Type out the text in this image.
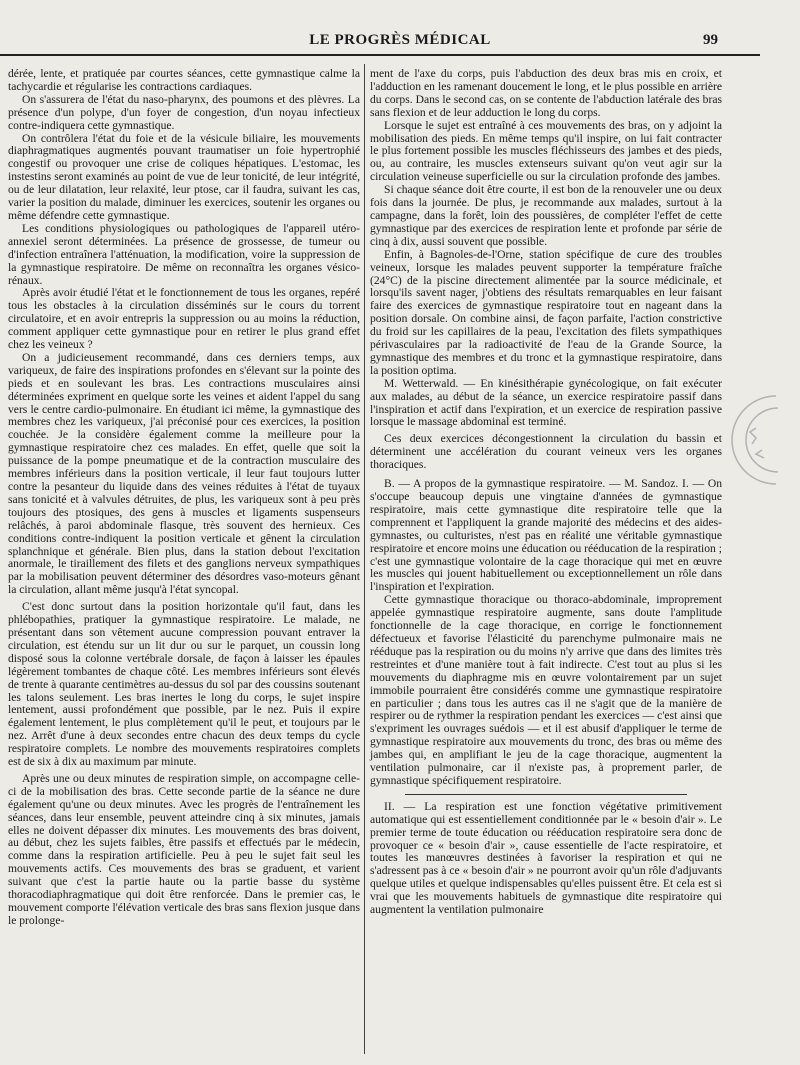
LE PROGRÈS MÉDICAL	99

dérée, lente, et pratiquée par courtes séances, cette gymnastique calme la tachycardie et régularise les contractions cardiaques.

On s'assurera de l'état du naso-pharynx, des poumons et des plèvres. La présence d'un polype, d'un foyer de congestion, d'un noyau infectieux contre-indiquera cette gymnastique.

On contrôlera l'état du foie et de la vésicule biliaire, les mouvements diaphragmatiques augmentés pouvant traumatiser un foie hypertrophié congestif ou provoquer une crise de coliques hépatiques. L'estomac, les instestins seront examinés au point de vue de leur tonicité, de leur intégrité, ou de leur dilatation, leur relaxité, leur ptose, car il faudra, suivant les cas, varier la position du malade, diminuer les exercices, soutenir les organes ou même défendre cette gymnastique.

Les conditions physiologiques ou pathologiques de l'appareil utéro-annexiel seront déterminées. La présence de grossesse, de tumeur ou d'infection entraînera l'atténuation, la modification, voire la suppression de la gymnastique respiratoire. De même on reconnaîtra les organes vésico-rénaux.

Après avoir étudié l'état et le fonctionnement de tous les organes, repéré tous les obstacles à la circulation disséminés sur le cours du torrent circulatoire, et en avoir entrepris la suppression ou au moins la réduction, comment appliquer cette gymnastique pour en retirer le plus grand effet chez les veineux ?

On a judicieusement recommandé, dans ces derniers temps, aux variqueux, de faire des inspirations profondes en s'élevant sur la pointe des pieds et en soulevant les bras. Les contractions musculaires ainsi déterminées expriment en quelque sorte les veines et aident l'appel du sang vers le centre cardio-pulmonaire. En étudiant ici même, la gymnastique des membres chez les variqueux, j'ai préconisé pour ces exercices, la position couchée. Je la considère également comme la meilleure pour la gymnastique respiratoire chez ces malades. En effet, quelle que soit la puissance de la pompe pneumatique et de la contraction musculaire des membres inférieurs dans la position verticale, il leur faut toujours lutter contre la pesanteur du liquide dans des veines réduites à l'état de tuyaux sans tonicité et à valvules détruites, de plus, les variqueux sont à peu près toujours des ptosiques, des gens à muscles et ligaments suspenseurs relâchés, à paroi abdominale flasque, très souvent des hernieux. Ces conditions contre-indiquent la position verticale et gênent la circulation splanchnique et générale. Bien plus, dans la station debout l'excitation anormale, le tiraillement des filets et des ganglions nerveux sympathiques par la mobilisation peuvent déterminer des désordres vaso-moteurs gênant la circulation, allant même jusqu'à l'état syncopal.

C'est donc surtout dans la position horizontale qu'il faut, dans les phlébopathies, pratiquer la gymnastique respiratoire. Le malade, ne présentant dans son vêtement aucune compression pouvant entraver la circulation, est étendu sur un lit dur ou sur le parquet, un coussin long disposé sous la colonne vertébrale dorsale, de façon à laisser les épaules légèrement tombantes de chaque côté. Les membres inférieurs sont élevés de trente à quarante centimètres au-dessus du sol par des coussins soutenant les talons seulement. Les bras inertes le long du corps, le sujet inspire lentement, aussi profondément que possible, par le nez. Puis il expire également lentement, le plus complètement qu'il le peut, et toujours par le nez. Arrêt d'une à deux secondes entre chacun des deux temps du cycle respiratoire complets. Le nombre des mouvements respiratoires complets est de six à dix au maximum par minute.

Après une ou deux minutes de respiration simple, on accompagne celle-ci de la mobilisation des bras. Cette seconde partie de la séance ne dure également qu'une ou deux minutes. Avec les progrès de l'entraînement les séances, dans leur ensemble, peuvent atteindre cinq à six minutes, jamais elles ne doivent dépasser dix minutes. Les mouvements des bras doivent, au début, chez les sujets faibles, être passifs et effectués par le médecin, comme dans la respiration artificielle. Peu à peu le sujet fait seul les mouvements actifs. Ces mouvements des bras se graduent, et varient suivant que c'est la partie haute ou la partie basse du système thoracodiaphragmatique qui doit être renforcée. Dans le premier cas, le mouvement comporte l'élévation verticale des bras sans flexion jusque dans le prolonge-

ment de l'axe du corps, puis l'abduction des deux bras mis en croix, et l'adduction en les ramenant doucement le long, et le plus possible en arrière du corps. Dans le second cas, on se contente de l'abduction latérale des bras sans flexion et de leur adduction le long du corps.

Lorsque le sujet est entraîné à ces mouvements des bras, on y adjoint la mobilisation des pieds. En même temps qu'il inspire, on lui fait contracter le plus fortement possible les muscles fléchisseurs des jambes et des pieds, ou, au contraire, les muscles extenseurs suivant qu'on veut agir sur la circulation veineuse superficielle ou sur la circulation profonde des jambes.

Si chaque séance doit être courte, il est bon de la renouveler une ou deux fois dans la journée. De plus, je recommande aux malades, surtout à la campagne, dans la forêt, loin des poussières, de compléter l'effet de cette gymnastique par des exercices de respiration lente et profonde par série de cinq à dix, aussi souvent que possible.

Enfin, à Bagnoles-de-l'Orne, station spécifique de cure des troubles veineux, lorsque les malades peuvent supporter la température fraîche (24°C) de la piscine directement alimentée par la source médicinale, et lorsqu'ils savent nager, j'obtiens des résultats remarquables en leur faisant faire des exercices de gymnastique respiratoire tout en nageant dans la position dorsale. On combine ainsi, de façon parfaite, l'action constrictive du froid sur les capillaires de la peau, l'excitation des filets sympathiques périvasculaires par la radioactivité de l'eau de la Grande Source, la gymnastique des membres et du tronc et la gymnastique respiratoire, dans la position optima.

M. Wetterwald. — En kinésithérapie gynécologique, on fait exécuter aux malades, au début de la séance, un exercice respiratoire passif dans l'inspiration et actif dans l'expiration, et un exercice de respiration passive lorsque le massage abdominal est terminé.

Ces deux exercices décongestionnent la circulation du bassin et déterminent une accélération du courant veineux vers les organes thoraciques.

B. — A propos de la gymnastique respiratoire. — M. Sandoz. I. — On s'occupe beaucoup depuis une vingtaine d'années de gymnastique respiratoire, mais cette gymnastique dite respiratoire telle que la comprennent et l'appliquent la grande majorité des médecins et des aides-gymnastes, ou culturistes, n'est pas en réalité une véritable gymnastique respiratoire et encore moins une éducation ou rééducation de la respiration ; c'est une gymnastique volontaire de la cage thoracique qui met en œuvre les muscles qui jouent habituellement ou exceptionnellement un rôle dans l'inspiration et l'expiration.

Cette gymnastique thoracique ou thoraco-abdominale, improprement appelée gymnastique respiratoire augmente, sans doute l'amplitude fonctionnelle de la cage thoracique, en corrige le fonctionnement défectueux et favorise l'élasticité du parenchyme pulmonaire mais ne rééduque pas la respiration ou du moins n'y arrive que dans des limites très restreintes et d'une manière tout à fait indirecte. C'est tout au plus si les mouvements du diaphragme mis en œuvre volontairement par un sujet immobile pourraient être considérés comme une gymnastique respiratoire en particulier ; dans tous les autres cas il ne s'agit que de la manière de respirer ou de rythmer la respiration pendant les exercices — c'est ainsi que s'expriment les ouvrages suédois — et il est abusif d'appliquer le terme de gymnastique respiratoire aux mouvements du tronc, des bras ou même des jambes qui, en amplifiant le jeu de la cage thoracique, augmentent la ventilation pulmonaire, car il n'existe pas, à proprement parler, de gymnastique spécifiquement respiratoire.

II. — La respiration est une fonction végétative primitivement automatique qui est essentiellement conditionnée par le « besoin d'air ». Le premier terme de toute éducation ou rééducation respiratoire sera donc de provoquer ce « besoin d'air », cause essentielle de l'acte respiratoire, et toutes les manœuvres destinées à favoriser la respiration et qui ne s'adressent pas à ce « besoin d'air » ne pourront avoir qu'un rôle d'adjuvants quelque utiles et quelque indispensables qu'elles puissent être. Et cela est si vrai que les mouvements habituels de gymnastique dite respiratoire qui augmentent la ventilation pulmonaire
